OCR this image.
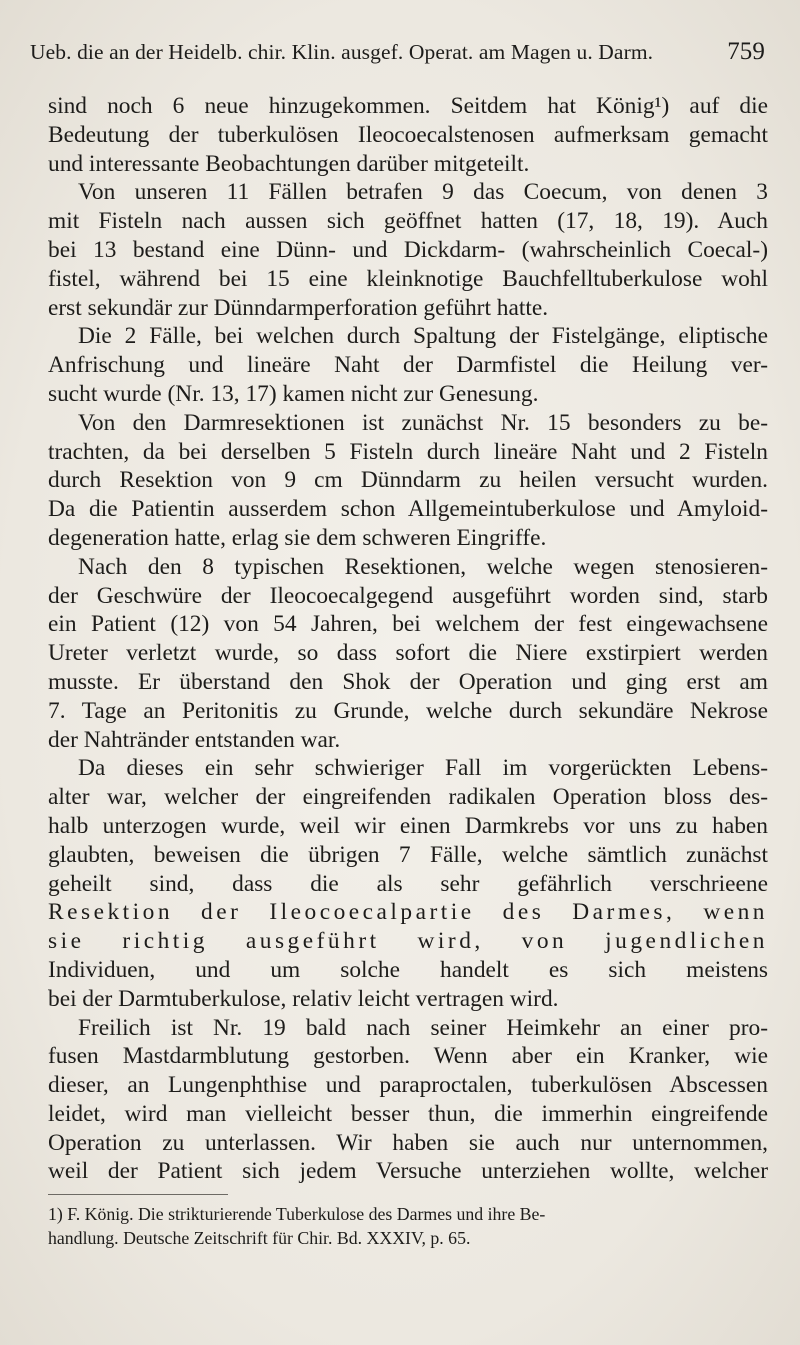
Ueb. die an der Heidelb. chir. Klin. ausgef. Operat. am Magen u. Darm.	759
sind noch 6 neue hinzugekommen. Seitdem hat König¹) auf die
Bedeutung der tuberkulösen Ileocoecalstenosen aufmerksam gemacht
und interessante Beobachtungen darüber mitgeteilt.
Von unseren 11 Fällen betrafen 9 das Coecum, von denen 3
mit Fisteln nach aussen sich geöffnet hatten (17, 18, 19). Auch
bei 13 bestand eine Dünn- und Dickdarm- (wahrscheinlich Coecal-)
fistel, während bei 15 eine kleinknotige Bauchfelltuberkulose wohl
erst sekundär zur Dünndarmperforation geführt hatte.
Die 2 Fälle, bei welchen durch Spaltung der Fistelgänge, eliptische
Anfrischung und lineäre Naht der Darmfistel die Heilung ver-
sucht wurde (Nr. 13, 17) kamen nicht zur Genesung.
Von den Darmresektionen ist zunächst Nr. 15 besonders zu be-
trachten, da bei derselben 5 Fisteln durch lineäre Naht und 2 Fisteln
durch Resektion von 9 cm Dünndarm zu heilen versucht wurden.
Da die Patientin ausserdem schon Allgemeintuberkulose und Amyloid-
degeneration hatte, erlag sie dem schweren Eingriffe.
Nach den 8 typischen Resektionen, welche wegen stenosieren-
der Geschwüre der Ileocoecalgegend ausgeführt worden sind, starb
ein Patient (12) von 54 Jahren, bei welchem der fest eingewachsene
Ureter verletzt wurde, so dass sofort die Niere exstirpiert werden
musste. Er überstand den Shok der Operation und ging erst am
7. Tage an Peritonitis zu Grunde, welche durch sekundäre Nekrose
der Nahtränder entstanden war.
Da dieses ein sehr schwieriger Fall im vorgerückten Lebens-
alter war, welcher der eingreifenden radikalen Operation bloss des-
halb unterzogen wurde, weil wir einen Darmkrebs vor uns zu haben
glaubten, beweisen die übrigen 7 Fälle, welche sämtlich zunächst
geheilt sind, dass die als sehr gefährlich verschrieene
Resektion der Ileocoecalpartie des Darmes, wenn
sie richtig ausgeführt wird, von jugendlichen
Individuen, und um solche handelt es sich meistens
bei der Darmtuberkulose, relativ leicht vertragen wird.
Freilich ist Nr. 19 bald nach seiner Heimkehr an einer pro-
fusen Mastdarmblutung gestorben. Wenn aber ein Kranker, wie
dieser, an Lungenphthise und paraproctalen, tuberkulösen Abscessen
leidet, wird man vielleicht besser thun, die immerhin eingreifende
Operation zu unterlassen. Wir haben sie auch nur unternommen,
weil der Patient sich jedem Versuche unterziehen wollte, welcher
1) F. König. Die strikturierende Tuberkulose des Darmes und ihre Be-
handlung. Deutsche Zeitschrift für Chir. Bd. XXXIV, p. 65.
